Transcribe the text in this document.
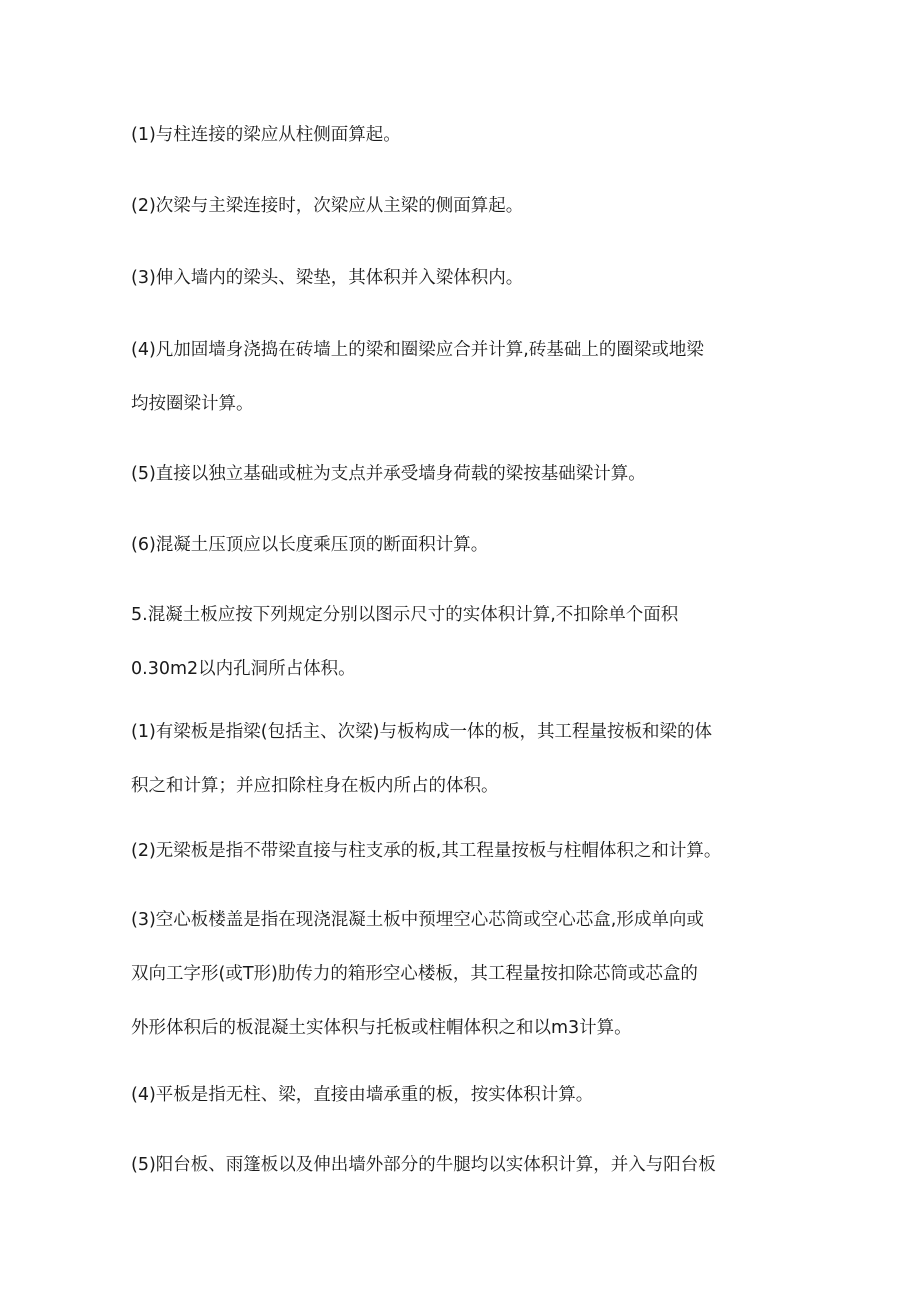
(1)与柱连接的梁应从柱侧面算起。

(2)次梁与主梁连接时，次梁应从主梁的侧面算起。

(3)伸入墙内的梁头、梁垫，其体积并入梁体积内。

(4)凡加固墙身浇捣在砖墙上的梁和圈梁应合并计算,砖基础上的圈梁或地梁
均按圈梁计算。

(5)直接以独立基础或桩为支点并承受墙身荷载的梁按基础梁计算。

(6)混凝土压顶应以长度乘压顶的断面积计算。

5.混凝土板应按下列规定分别以图示尺寸的实体积计算,不扣除单个面积
0.30m2以内孔洞所占体积。

(1)有梁板是指梁(包括主、次梁)与板构成一体的板，其工程量按板和梁的体
积之和计算；并应扣除柱身在板内所占的体积。

(2)无梁板是指不带梁直接与柱支承的板,其工程量按板与柱帽体积之和计算。

(3)空心板楼盖是指在现浇混凝土板中预埋空心芯筒或空心芯盒,形成单向或
双向工字形(或T形)肋传力的箱形空心楼板，其工程量按扣除芯筒或芯盒的
外形体积后的板混凝土实体积与托板或柱帽体积之和以m3计算。

(4)平板是指无柱、梁，直接由墙承重的板，按实体积计算。

(5)阳台板、雨篷板以及伸出墙外部分的牛腿均以实体积计算，并入与阳台板
